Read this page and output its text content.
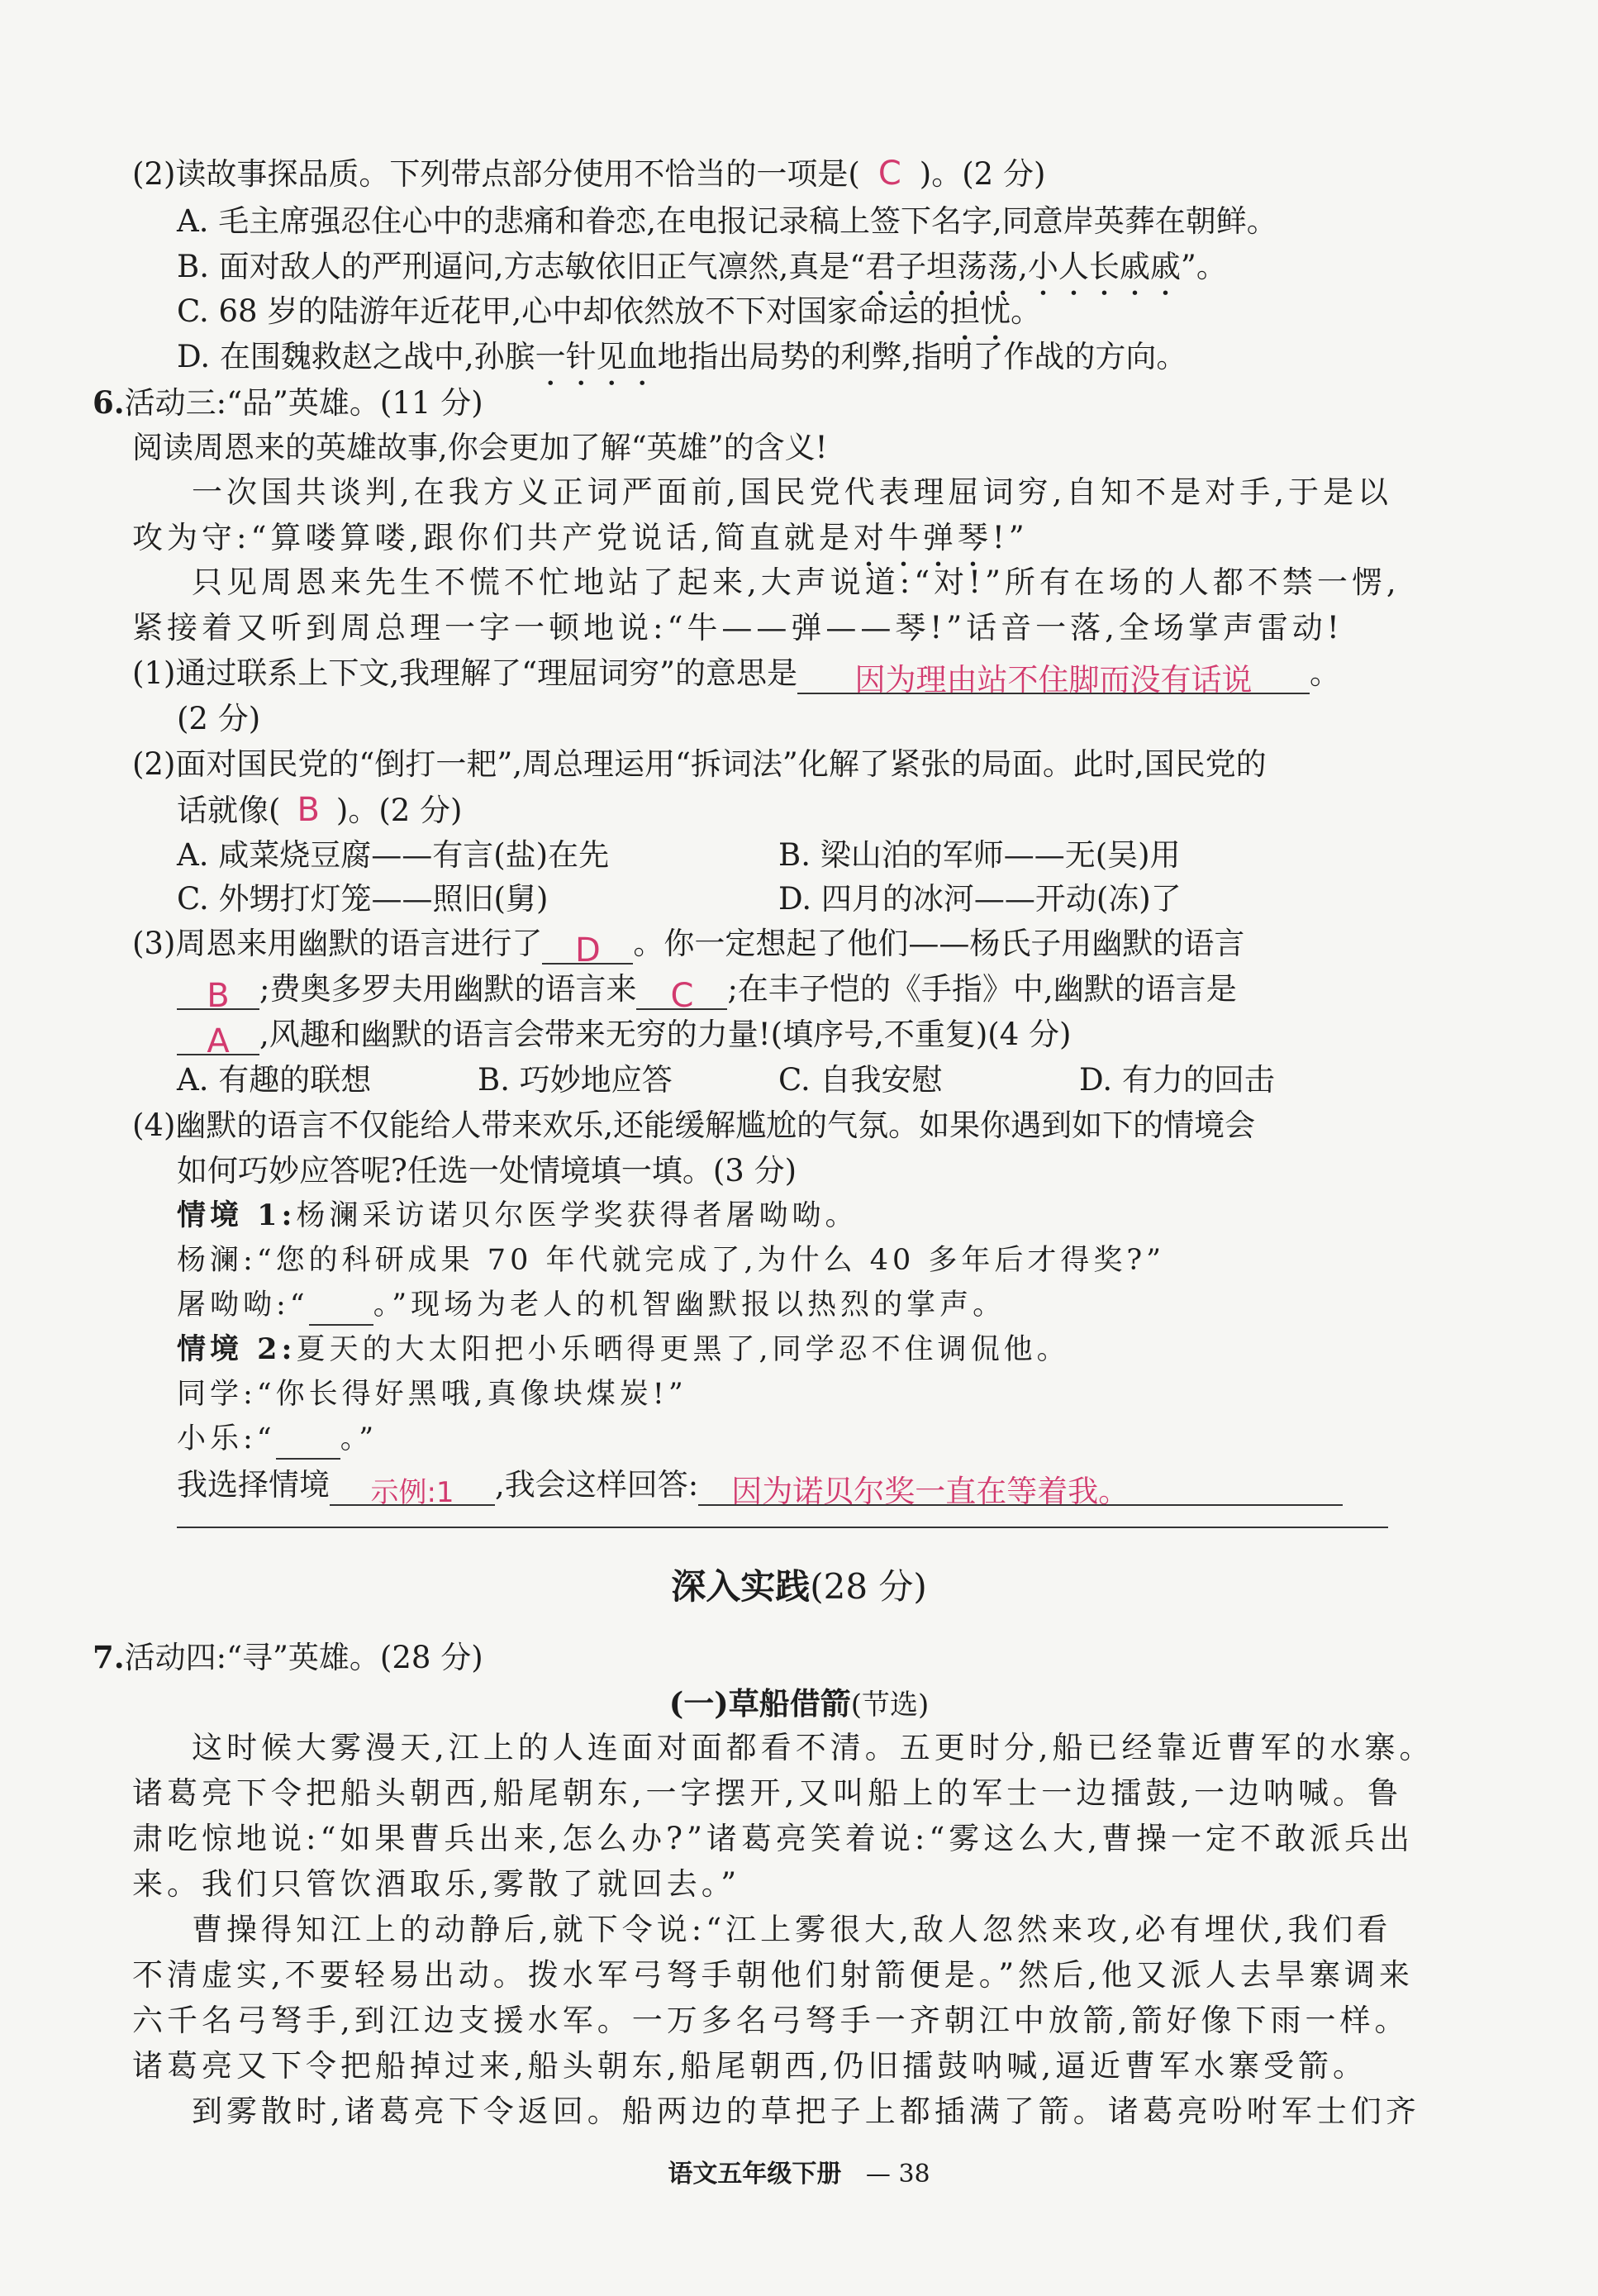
(2)读故事探品质。下列带点部分使用不恰当的一项是( C )。(2 分)
A. 毛主席强忍住心中的悲痛和眷恋,在电报记录稿上签下名字,同意岸英葬在朝鲜。
B. 面对敌人的严刑逼问,方志敏依旧正气凛然,真是“君子坦荡荡,小人长戚戚”。
C. 68 岁的陆游年近花甲,心中却依然放不下对国家命运的担忧。
D. 在围魏救赵之战中,孙膑一针见血地指出局势的利弊,指明了作战的方向。
6.活动三:“品”英雄。(11 分)
阅读周恩来的英雄故事,你会更加了解“英雄”的含义!
一次国共谈判,在我方义正词严面前,国民党代表理屈词穷,自知不是对手,于是以
攻为守:“算喽算喽,跟你们共产党说话,简直就是对牛弹琴!”
只见周恩来先生不慌不忙地站了起来,大声说道:“对!”所有在场的人都不禁一愣,
紧接着又听到周总理一字一顿地说:“牛——弹——琴!”话音一落,全场掌声雷动!
(1)通过联系上下文,我理解了“理屈词穷”的意思是 因为理由站不住脚而没有话说 。
(2 分)
(2)面对国民党的“倒打一耙”,周总理运用“拆词法”化解了紧张的局面。此时,国民党的
话就像( B )。(2 分)
A. 咸菜烧豆腐——有言(盐)在先	B. 梁山泊的军师——无(吴)用
C. 外甥打灯笼——照旧(舅)	D. 四月的冰河——开动(冻)了
(3)周恩来用幽默的语言进行了 D 。你一定想起了他们——杨氏子用幽默的语言
B ;费奥多罗夫用幽默的语言来 C ;在丰子恺的《手指》中,幽默的语言是
A ,风趣和幽默的语言会带来无穷的力量!(填序号,不重复)(4 分)
A. 有趣的联想	B. 巧妙地应答	C. 自我安慰	D. 有力的回击
(4)幽默的语言不仅能给人带来欢乐,还能缓解尴尬的气氛。如果你遇到如下的情境会
如何巧妙应答呢?任选一处情境填一填。(3 分)
情境 1:杨澜采访诺贝尔医学奖获得者屠呦呦。
杨澜:“您的科研成果 70 年代就完成了,为什么 40 多年后才得奖?”
屠呦呦:“ 。”现场为老人的机智幽默报以热烈的掌声。
情境 2:夏天的大太阳把小乐晒得更黑了,同学忍不住调侃他。
同学:“你长得好黑哦,真像块煤炭!”
小乐:“ 。”
我选择情境 示例:1 ,我会这样回答: 因为诺贝尔奖一直在等着我。
深入实践(28 分)
7.活动四:“寻”英雄。(28 分)
(一)草船借箭(节选)
这时候大雾漫天,江上的人连面对面都看不清。五更时分,船已经靠近曹军的水寨。
诸葛亮下令把船头朝西,船尾朝东,一字摆开,又叫船上的军士一边擂鼓,一边呐喊。鲁
肃吃惊地说:“如果曹兵出来,怎么办?”诸葛亮笑着说:“雾这么大,曹操一定不敢派兵出
来。我们只管饮酒取乐,雾散了就回去。”
曹操得知江上的动静后,就下令说:“江上雾很大,敌人忽然来攻,必有埋伏,我们看
不清虚实,不要轻易出动。拨水军弓弩手朝他们射箭便是。”然后,他又派人去旱寨调来
六千名弓弩手,到江边支援水军。一万多名弓弩手一齐朝江中放箭,箭好像下雨一样。
诸葛亮又下令把船掉过来,船头朝东,船尾朝西,仍旧擂鼓呐喊,逼近曹军水寨受箭。
到雾散时,诸葛亮下令返回。船两边的草把子上都插满了箭。诸葛亮吩咐军士们齐
语文五年级下册 — 38
